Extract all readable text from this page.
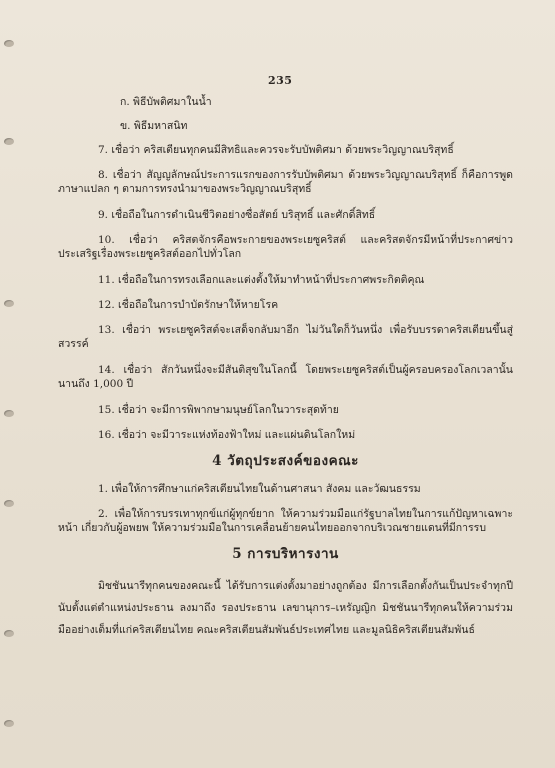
235

ก. พิธีบัพติศมาในน้ำ

ข. พิธีมหาสนิท

7. เชื่อว่า คริสเตียนทุกคนมีสิทธิและควรจะรับบัพติศมา ด้วยพระวิญญาณบริสุทธิ์

8. เชื่อว่า สัญญลักษณ์ประการแรกของการรับบัพติศมา ด้วยพระวิญญาณบริสุทธิ์ ก็คือการพูดภาษาแปลก ๆ ตามการทรงนำมาของพระวิญญาณบริสุทธิ์

9. เชื่อถือในการดำเนินชีวิตอย่างซื่อสัตย์ บริสุทธิ์ และศักดิ์สิทธิ์

10. เชื่อว่า คริสตจักรคือพระกายของพระเยซูคริสต์ และคริสตจักรมีหน้าที่ประกาศข่าวประเสริฐเรื่องพระเยซูคริสต์ออกไปทั่วโลก

11. เชื่อถือในการทรงเลือกและแต่งตั้งให้มาทำหน้าที่ประกาศพระกิตติคุณ

12. เชื่อถือในการบำบัดรักษาให้หายโรค

13. เชื่อว่า พระเยซูคริสต์จะเสด็จกลับมาอีก ไม่วันใดก็วันหนึ่ง เพื่อรับบรรดาคริสเตียนขึ้นสู่สวรรค์

14. เชื่อว่า สักวันหนึ่งจะมีสันติสุขในโลกนี้ โดยพระเยซูคริสต์เป็นผู้ครอบครองโลกเวลานั้นนานถึง 1,000 ปี

15. เชื่อว่า จะมีการพิพากษามนุษย์โลกในวาระสุดท้าย

16. เชื่อว่า จะมีวาระแห่งท้องฟ้าใหม่ และแผ่นดินโลกใหม่

4 วัตถุประสงค์ของคณะ

1. เพื่อให้การศึกษาแก่คริสเตียนไทยในด้านศาสนา สังคม และวัฒนธรรม

2. เพื่อให้การบรรเทาทุกข์แก่ผู้ทุกข์ยาก ให้ความร่วมมือแก่รัฐบาลไทยในการแก้ปัญหาเฉพาะหน้า เกี่ยวกับผู้อพยพ ให้ความร่วมมือในการเคลื่อนย้ายคนไทยออกจากบริเวณชายแดนที่มีการรบ

5 การบริหารงาน

มิชชันนารีทุกคนของคณะนี้ ได้รับการแต่งตั้งมาอย่างถูกต้อง มีการเลือกตั้งกันเป็นประจำทุกปี นับตั้งแต่ตำแหน่งประธาน ลงมาถึง รองประธาน เลขานุการ–เหรัญญิก มิชชันนารีทุกคนให้ความร่วมมืออย่างเต็มที่แก่คริสเตียนไทย คณะคริสเตียนสัมพันธ์ประเทศไทย และมูลนิธิคริสเตียนสัมพันธ์
